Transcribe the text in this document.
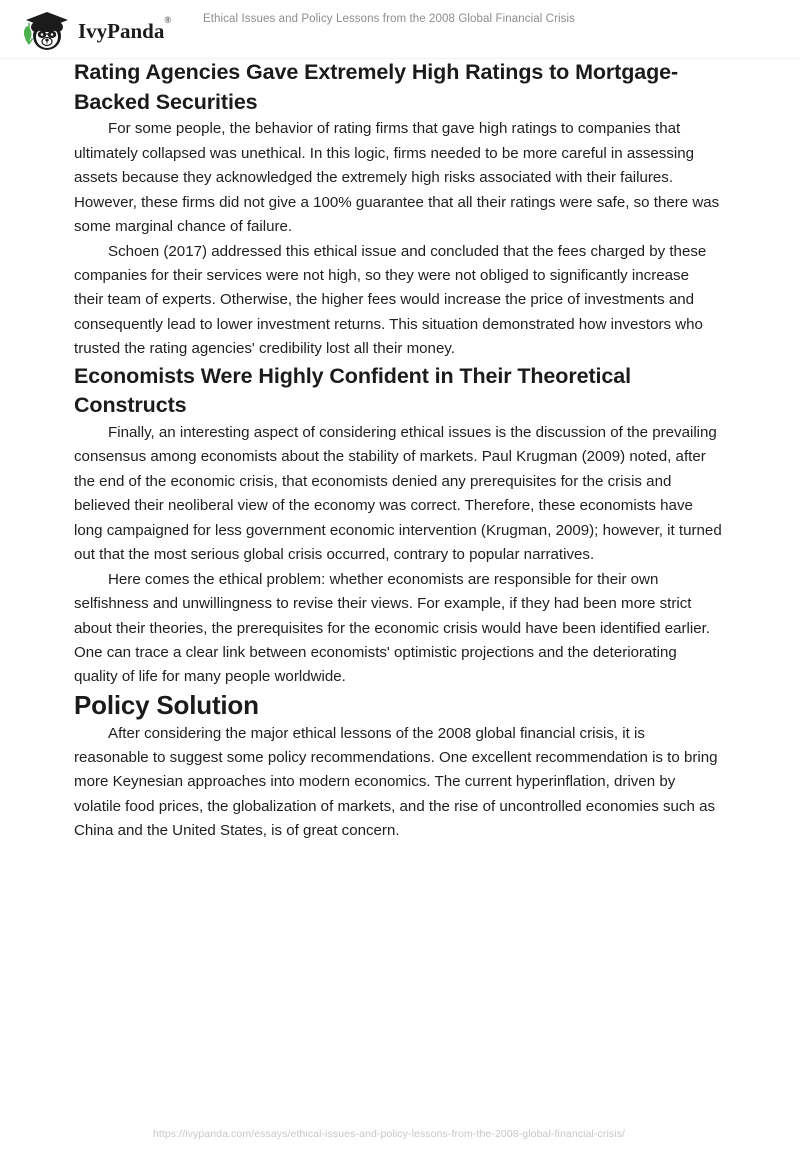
IvyPanda®	Ethical Issues and Policy Lessons from the 2008 Global Financial Crisis
Rating Agencies Gave Extremely High Ratings to Mortgage-Backed Securities

For some people, the behavior of rating firms that gave high ratings to companies that ultimately collapsed was unethical. In this logic, firms needed to be more careful in assessing assets because they acknowledged the extremely high risks associated with their failures. However, these firms did not give a 100% guarantee that all their ratings were safe, so there was some marginal chance of failure.

Schoen (2017) addressed this ethical issue and concluded that the fees charged by these companies for their services were not high, so they were not obliged to significantly increase their team of experts. Otherwise, the higher fees would increase the price of investments and consequently lead to lower investment returns. This situation demonstrated how investors who trusted the rating agencies' credibility lost all their money.

Economists Were Highly Confident in Their Theoretical Constructs

Finally, an interesting aspect of considering ethical issues is the discussion of the prevailing consensus among economists about the stability of markets. Paul Krugman (2009) noted, after the end of the economic crisis, that economists denied any prerequisites for the crisis and believed their neoliberal view of the economy was correct. Therefore, these economists have long campaigned for less government economic intervention (Krugman, 2009); however, it turned out that the most serious global crisis occurred, contrary to popular narratives.

Here comes the ethical problem: whether economists are responsible for their own selfishness and unwillingness to revise their views. For example, if they had been more strict about their theories, the prerequisites for the economic crisis would have been identified earlier. One can trace a clear link between economists' optimistic projections and the deteriorating quality of life for many people worldwide.

Policy Solution

After considering the major ethical lessons of the 2008 global financial crisis, it is reasonable to suggest some policy recommendations. One excellent recommendation is to bring more Keynesian approaches into modern economics. The current hyperinflation, driven by volatile food prices, the globalization of markets, and the rise of uncontrolled economies such as China and the United States, is of great concern.

https://ivypanda.com/essays/ethical-issues-and-policy-lessons-from-the-2008-global-financial-crisis/
